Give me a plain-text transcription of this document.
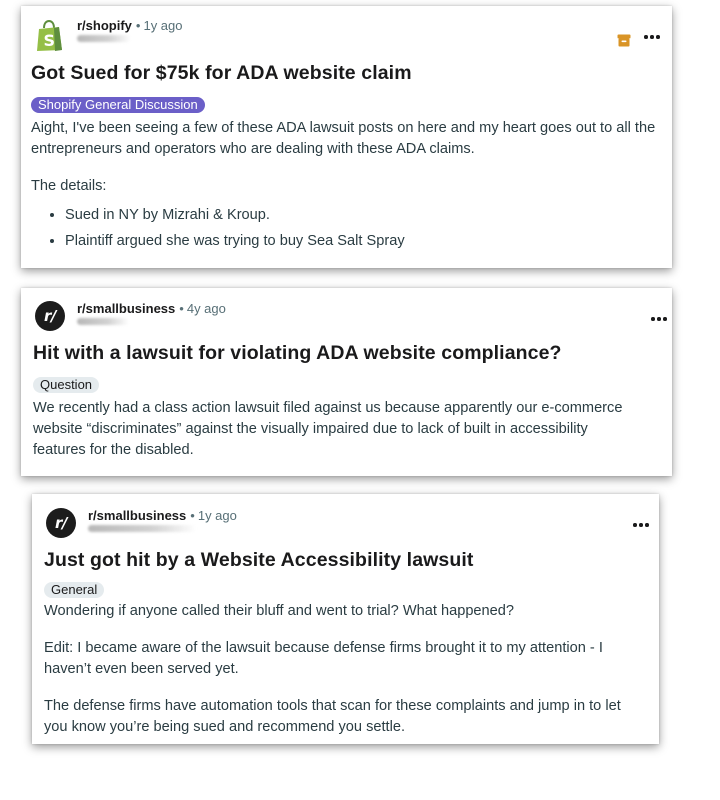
S
r/shopify • 1y ago
Got Sued for $75k for ADA website claim
Shopify General Discussion

Aight, I've been seeing a few of these ADA lawsuit posts on here and my heart goes out to all the entrepreneurs and operators who are dealing with these ADA claims.

The details:

• Sued in NY by Mizrahi & Kroup.
• Plaintiff argued she was trying to buy Sea Salt Spray
r/ r/smallbusiness • 4y ago
Hit with a lawsuit for violating ADA website compliance?
Question

We recently had a class action lawsuit filed against us because apparently our e-commerce website “discriminates” against the visually impaired due to lack of built in accessibility features for the disabled.

r/ r/smallbusiness • 1y ago
Just got hit by a Website Accessibility lawsuit
General

Wondering if anyone called their bluff and went to trial? What happened?

Edit: I became aware of the lawsuit because defense firms brought it to my attention - I haven’t even been served yet.

The defense firms have automation tools that scan for these complaints and jump in to let you know you’re being sued and recommend you settle.
